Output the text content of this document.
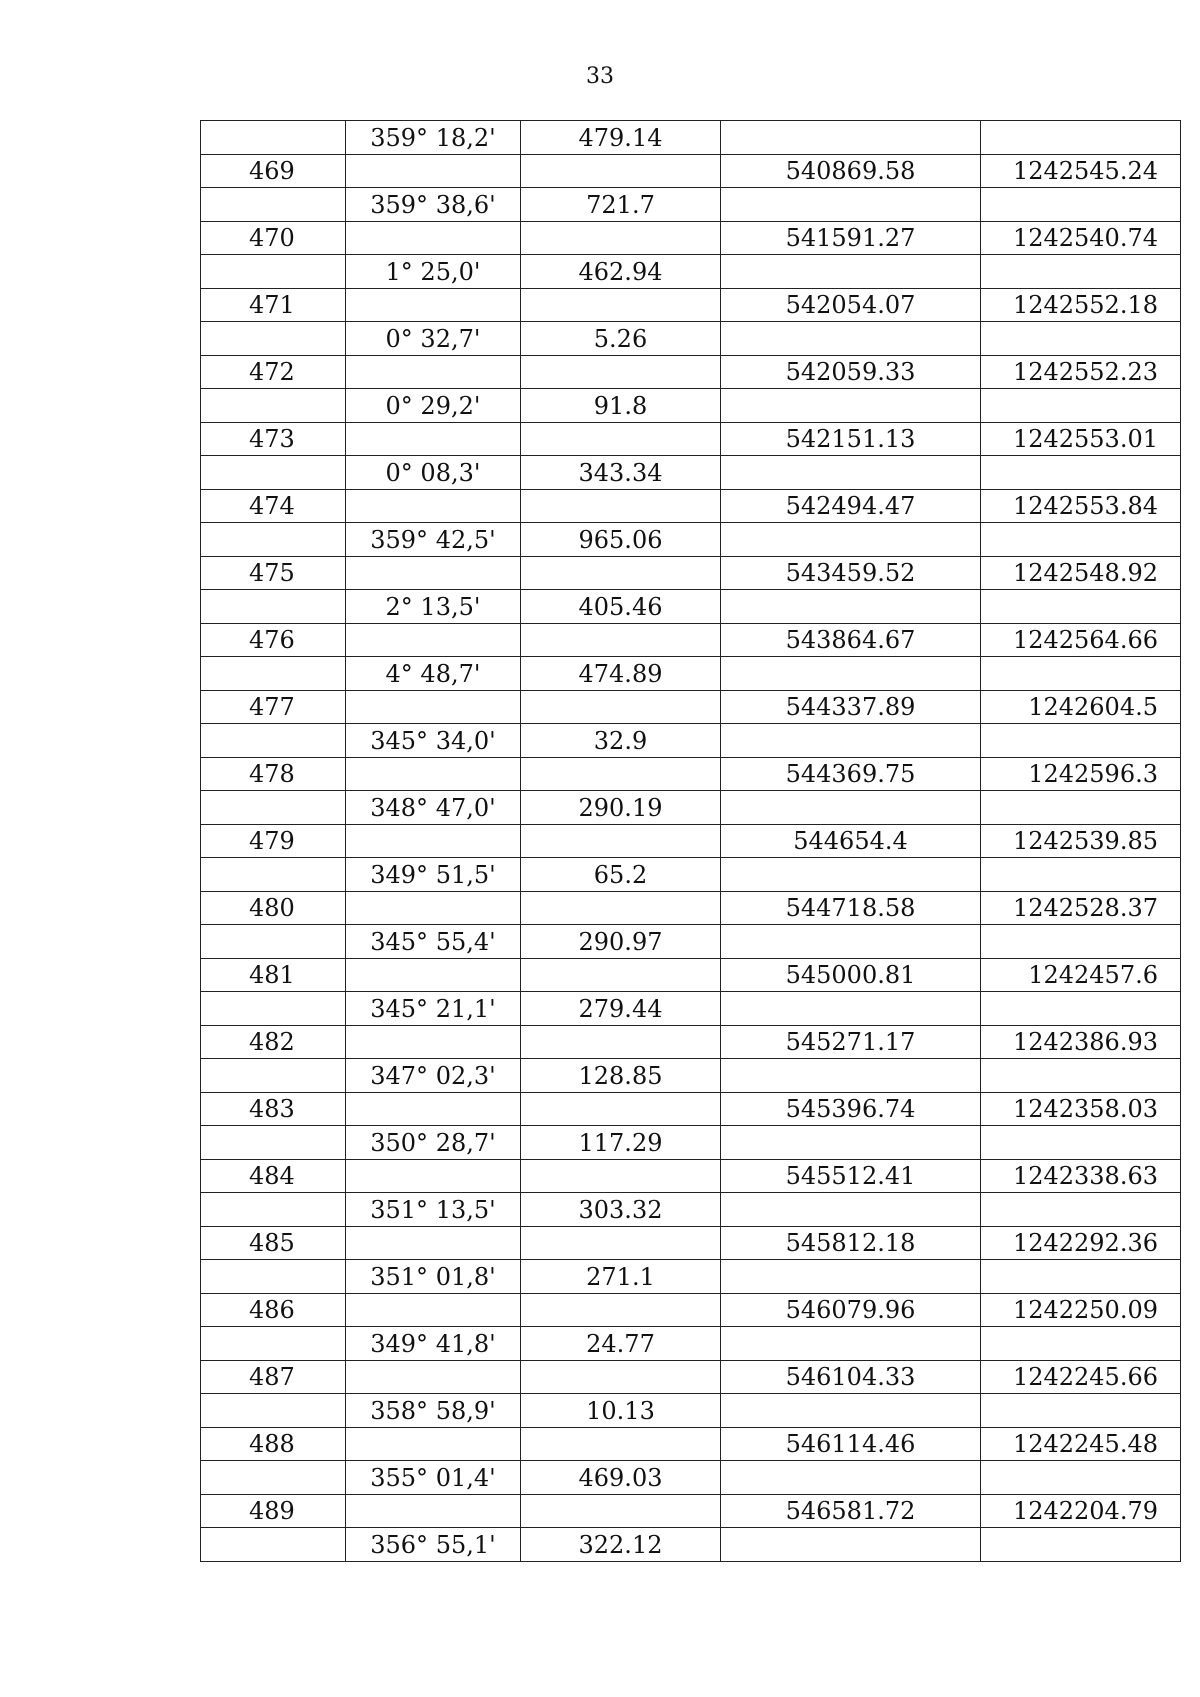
33
	359° 18,2'	479.14		
469			540869.58	1242545.24
	359° 38,6'	721.7		
470			541591.27	1242540.74
	1° 25,0'	462.94		
471			542054.07	1242552.18
	0° 32,7'	5.26		
472			542059.33	1242552.23
	0° 29,2'	91.8		
473			542151.13	1242553.01
	0° 08,3'	343.34		
474			542494.47	1242553.84
	359° 42,5'	965.06		
475			543459.52	1242548.92
	2° 13,5'	405.46		
476			543864.67	1242564.66
	4° 48,7'	474.89		
477			544337.89	1242604.5
	345° 34,0'	32.9		
478			544369.75	1242596.3
	348° 47,0'	290.19		
479			544654.4	1242539.85
	349° 51,5'	65.2		
480			544718.58	1242528.37
	345° 55,4'	290.97		
481			545000.81	1242457.6
	345° 21,1'	279.44		
482			545271.17	1242386.93
	347° 02,3'	128.85		
483			545396.74	1242358.03
	350° 28,7'	117.29		
484			545512.41	1242338.63
	351° 13,5'	303.32		
485			545812.18	1242292.36
	351° 01,8'	271.1		
486			546079.96	1242250.09
	349° 41,8'	24.77		
487			546104.33	1242245.66
	358° 58,9'	10.13		
488			546114.46	1242245.48
	355° 01,4'	469.03		
489			546581.72	1242204.79
	356° 55,1'	322.12		
